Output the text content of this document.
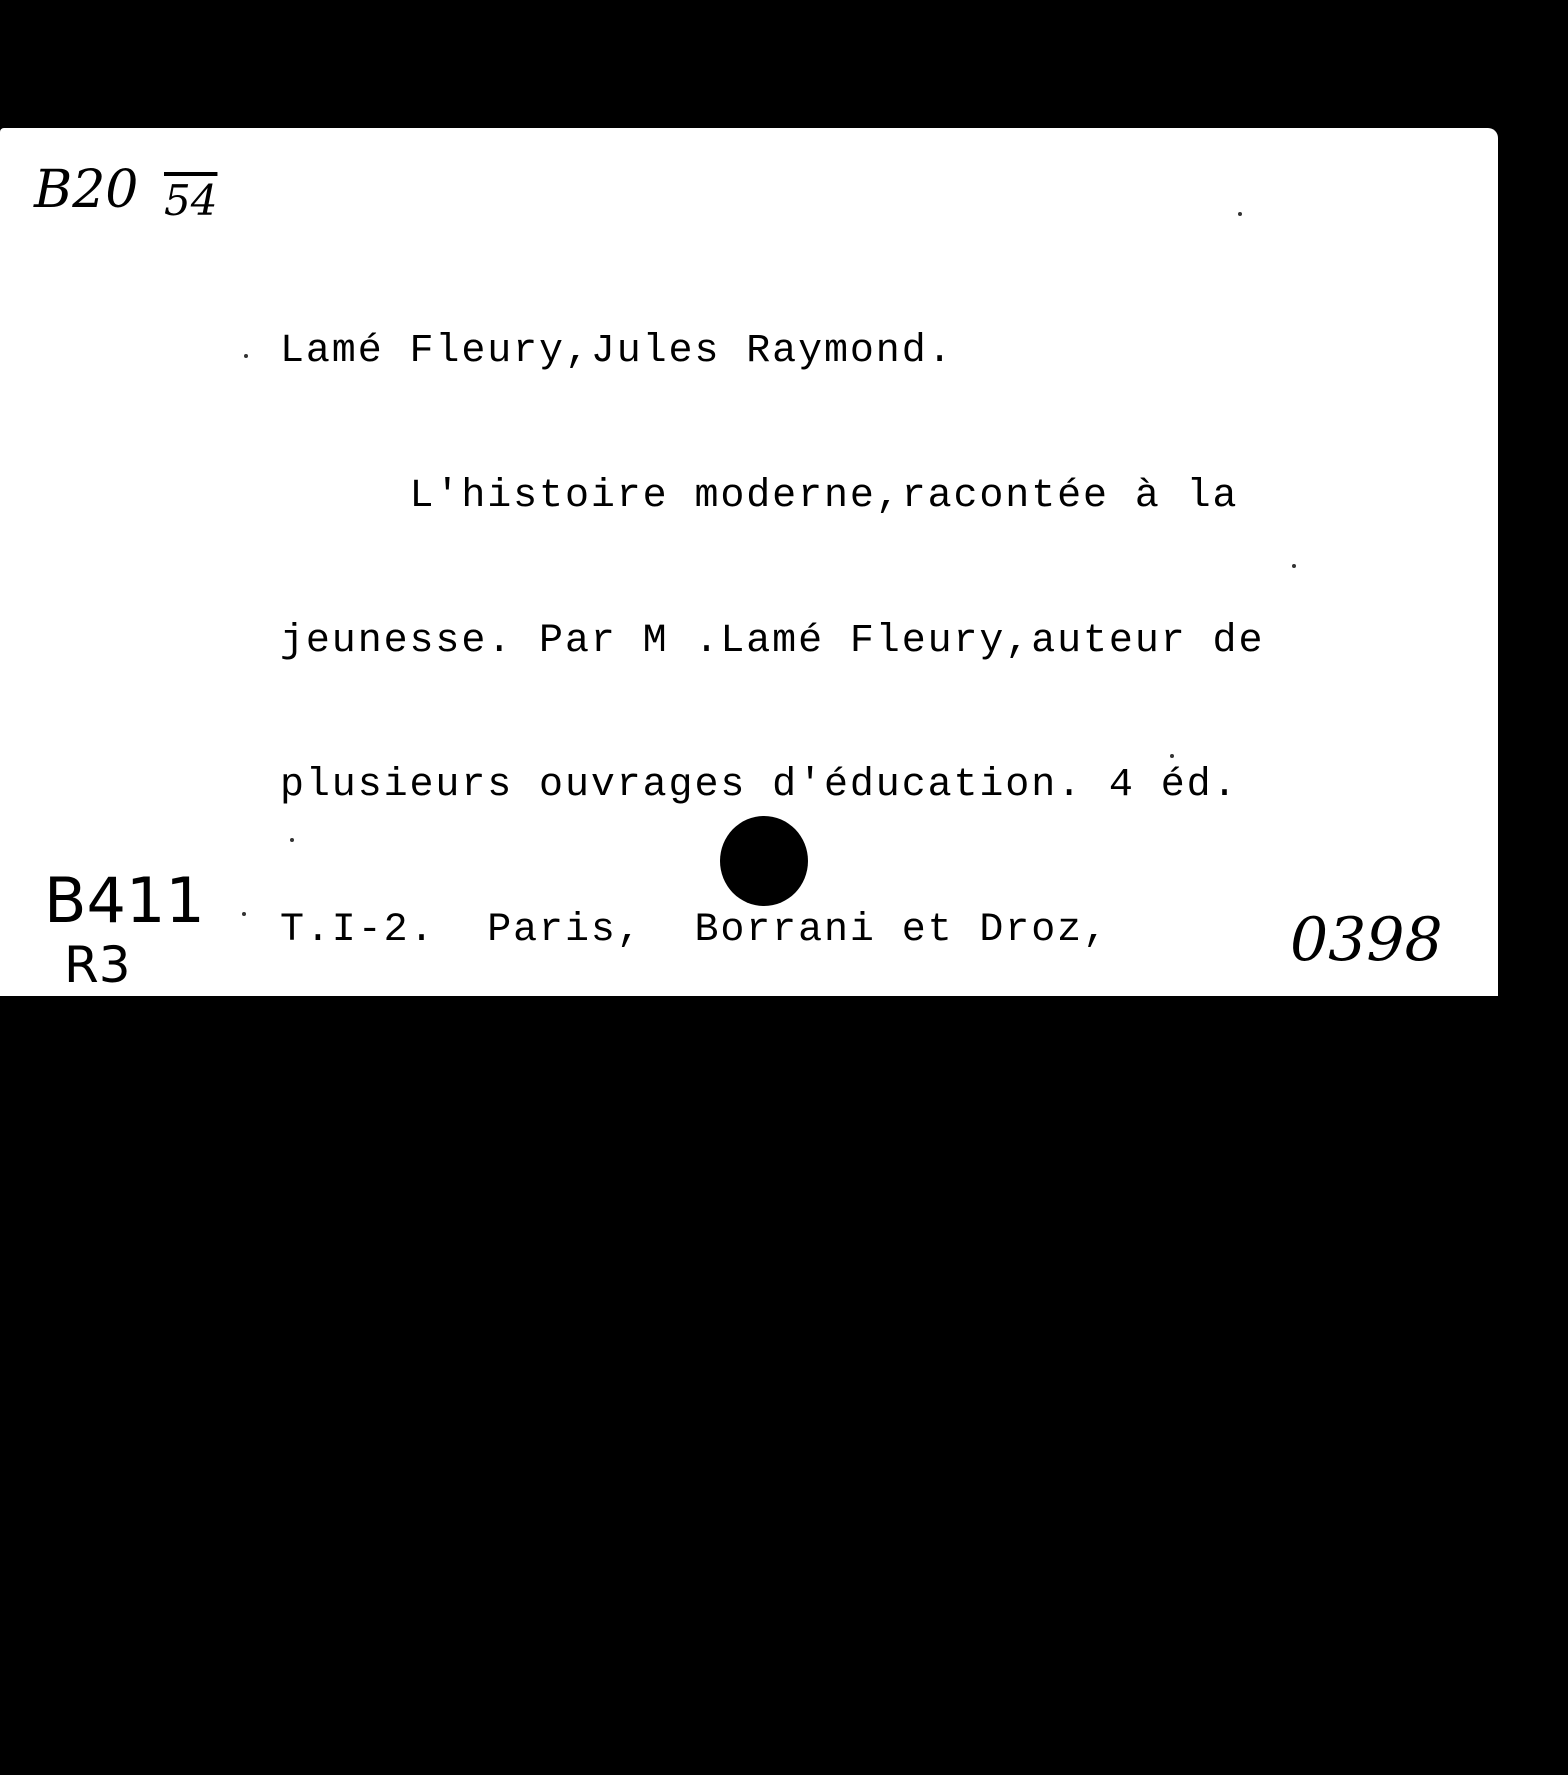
B20 54

Lamé Fleury,Jules Raymond.

L'histoire moderne,racontée à la

jeunesse. Par M .Lamé Fleury,auteur de

plusieurs ouvrages d'éducation. 4 éd.

T.I-2.  Paris,  Borrani et Droz,

Allonard et Kaeppelin,I853.

2 m(Inep.)  I5 cm(

Cours d'histoire racontée aux enfants

et à la jeunesse,adopté pour la methode

elementaire de M. Levi).

B411
R3	0398
